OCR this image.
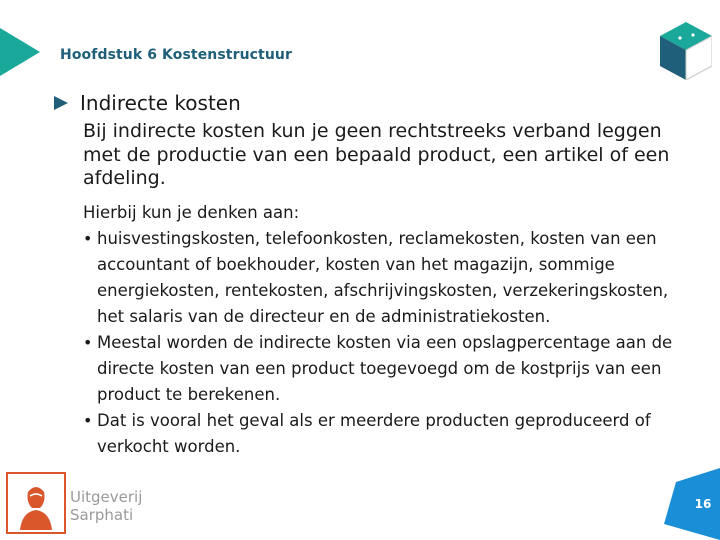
Hoofdstuk 6 Kostenstructuur
Indirecte kosten
Bij indirecte kosten kun je geen rechtstreeks verband leggen met de productie van een bepaald product, een artikel of een afdeling.
Hierbij kun je denken aan:
• huisvestingskosten, telefoonkosten, reclamekosten, kosten van een accountant of boekhouder, kosten van het magazijn, sommige energiekosten, rentekosten, afschrijvingskosten, verzekeringskosten, het salaris van de directeur en de administratiekosten.
• Meestal worden de indirecte kosten via een opslagpercentage aan de directe kosten van een product toegevoegd om de kostprijs van een product te berekenen.
• Dat is vooral het geval als er meerdere producten geproduceerd of verkocht worden.
Uitgeverij
Sarphati
16
